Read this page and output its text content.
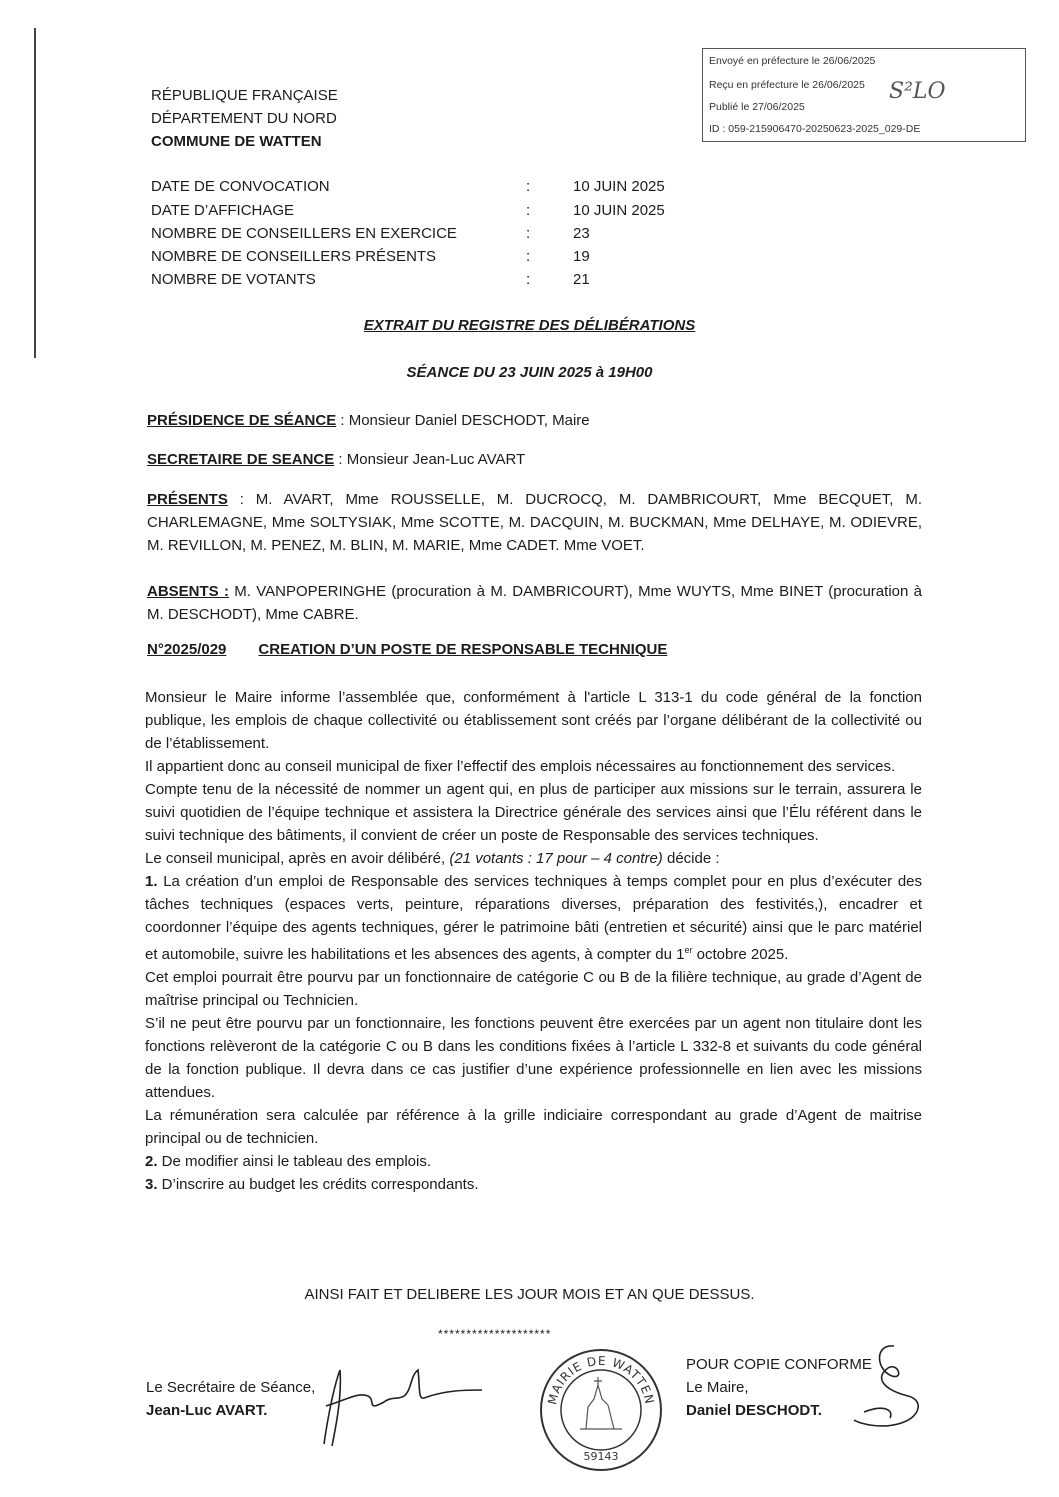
Envoyé en préfecture le 26/06/2025
Reçu en préfecture le 26/06/2025
Publié le 27/06/2025
ID : 059-215906470-20250623-2025_029-DE
S²LO
RÉPUBLIQUE FRANÇAISE
DÉPARTEMENT DU NORD
COMMUNE DE WATTEN
DATE DE CONVOCATION	:	10 JUIN 2025
DATE D’AFFICHAGE	:	10 JUIN 2025
NOMBRE DE CONSEILLERS EN EXERCICE	:	23
NOMBRE DE CONSEILLERS PRÉSENTS	:	19
NOMBRE DE VOTANTS	:	21
EXTRAIT DU REGISTRE DES DÉLIBÉRATIONS
SÉANCE DU 23 JUIN 2025 à 19H00
PRÉSIDENCE DE SÉANCE : Monsieur Daniel DESCHODT, Maire
SECRETAIRE DE SEANCE : Monsieur Jean-Luc AVART
PRÉSENTS : M. AVART, Mme ROUSSELLE, M. DUCROCQ, M. DAMBRICOURT, Mme BECQUET, M. CHARLEMAGNE, Mme SOLTYSIAK, Mme SCOTTE, M. DACQUIN, M. BUCKMAN, Mme DELHAYE, M. ODIEVRE, M. REVILLON, M. PENEZ, M. BLIN, M. MARIE, Mme CADET. Mme VOET.
ABSENTS : M. VANPOPERINGHE (procuration à M. DAMBRICOURT), Mme WUYTS, Mme BINET (procuration à M. DESCHODT), Mme CABRE.
N°2025/029 CREATION D’UN POSTE DE RESPONSABLE TECHNIQUE

Monsieur le Maire informe l’assemblée que, conformément à l'article L 313-1 du code général de la fonction publique, les emplois de chaque collectivité ou établissement sont créés par l’organe délibérant de la collectivité ou de l’établissement.

Il appartient donc au conseil municipal de fixer l’effectif des emplois nécessaires au fonctionnement des services.

Compte tenu de la nécessité de nommer un agent qui, en plus de participer aux missions sur le terrain, assurera le suivi quotidien de l’équipe technique et assistera la Directrice générale des services ainsi que l’Élu référent dans le suivi technique des bâtiments, il convient de créer un poste de Responsable des services techniques.

Le conseil municipal, après en avoir délibéré, (21 votants : 17 pour – 4 contre) décide :

1. La création d’un emploi de Responsable des services techniques à temps complet pour en plus d’exécuter des tâches techniques (espaces verts, peinture, réparations diverses, préparation des festivités,), encadrer et coordonner l’équipe des agents techniques, gérer le patrimoine bâti (entretien et sécurité) ainsi que le parc matériel et automobile, suivre les habilitations et les absences des agents, à compter du 1er octobre 2025.

Cet emploi pourrait être pourvu par un fonctionnaire de catégorie C ou B de la filière technique, au grade d’Agent de maîtrise principal ou Technicien.

S’il ne peut être pourvu par un fonctionnaire, les fonctions peuvent être exercées par un agent non titulaire dont les fonctions relèveront de la catégorie C ou B dans les conditions fixées à l’article L 332-8 et suivants du code général de la fonction publique. Il devra dans ce cas justifier d’une expérience professionnelle en lien avec les missions attendues.

La rémunération sera calculée par référence à la grille indiciaire correspondant au grade d’Agent de maitrise principal ou de technicien.

2. De modifier ainsi le tableau des emplois.

3. D’inscrire au budget les crédits correspondants.

AINSI FAIT ET DELIBERE LES JOUR MOIS ET AN QUE DESSUS.
********************
Le Secrétaire de Séance,
Jean-Luc AVART.
MAIRIE DE WATTEN
59143
POUR COPIE CONFORME
Le Maire,
Daniel DESCHODT.
